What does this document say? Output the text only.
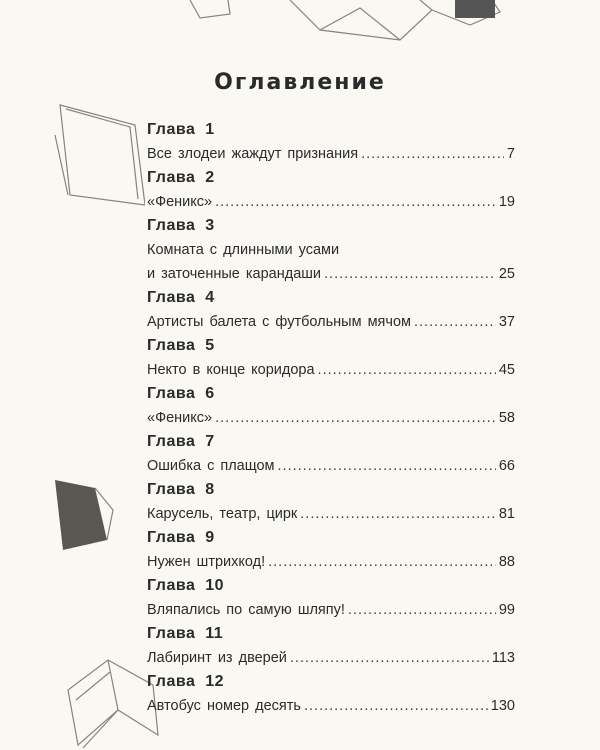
Оглавление
Глава  1
Все злодеи жаждут признания .....	7
Глава  2
«Феникс» .....	19
Глава  3
Комната с длинными усами
и заточенные карандаши .....	25
Глава  4
Артисты балета с футбольным мячом .....	37
Глава  5
Некто в конце коридора .....	45
Глава  6
«Феникс» .....	58
Глава  7
Ошибка с плащом .....	66
Глава  8
Карусель, театр, цирк .....	81
Глава  9
Нужен штрихкод! .....	88
Глава  10
Вляпались по самую шляпу! .....	99
Глава  11
Лабиринт из дверей .....	113
Глава  12
Автобус номер десять .....	130
